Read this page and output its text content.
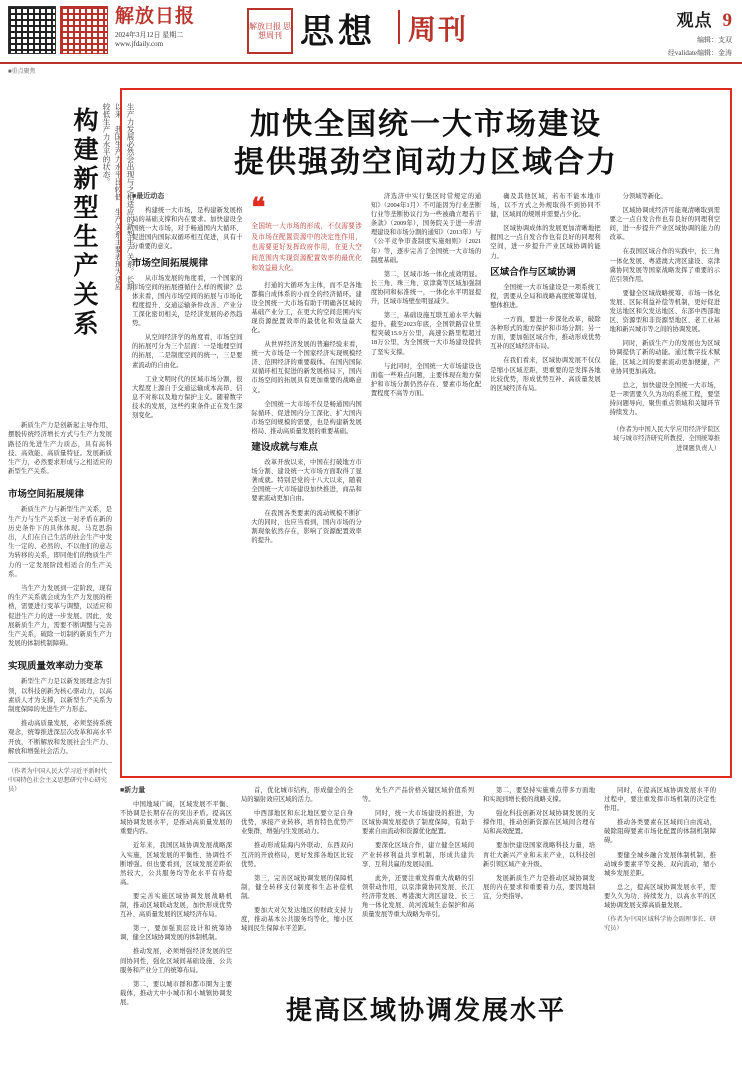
解放日报
2024年3月12日 星期二
www.jfdaily.com
解放日报 思想周刊 思想 周刊	观点 9
编辑：支双
经validate编辑：金涛
■重点聚焦
构建新型生产关系	生产力发展必然会出现与之相适应的新型生产关系。长期以来，我国生产力水平比较低，生产关系主要表现为适应较低生产力水平的状态。

新质生产力是创新起主导作用、摆脱传统经济增长方式与生产力发展路径的先进生产力质态，具有高科技、高效能、高质量特征。发展新质生产力，必然要求形成与之相适应的新型生产关系。

市场空间拓展规律

新质生产力与新型生产关系，是生产力与生产关系这一对矛盾在新的历史条件下的具体体现。马克思指出，人们在自己生活的社会生产中发生一定的、必然的、不以他们的意志为转移的关系，即同他们的物质生产力的一定发展阶段相适合的生产关系。

当生产力发展到一定阶段，现有的生产关系就会成为生产力发展的桎梏，需要进行变革与调整，以适应和促进生产力的进一步发展。因此，发展新质生产力，需要不断调整与完善生产关系，破除一切制约新质生产力发展的体制机制障碍。

实现质量效率动力变革

新型生产力是以新发展理念为引领，以科技创新为核心驱动力，以高素质人才为支撑，以新型生产关系为制度保障的先进生产力形态。

推动高质量发展，必须坚持系统观念，统筹推进深层次改革和高水平开放，不断解放和发展社会生产力、解放和增强社会活力。

（作者为中国人民大学习近平新时代中国特色社会主义思想研究中心研究员）
加快全国统一大市场建设
提供强劲空间动力区域合力

■最近动态

构建统一大市场，是构建新发展格局的基础支撑和内在要求。加快建设全国统一大市场，对于畅通国内大循环、促进国内国际双循环相互促进，具有十分重要的意义。

市场空间拓展规律

从市场发展的角度看，一个国家的市场空间的拓展遵循什么样的规律？总体来看，国内市场空间的拓展与市场化程度提升、交通运输条件改善、产业分工深化密切相关，是经济发展的必然趋势。

从空间经济学的角度看，市场空间的拓展可分为三个层面：一是地理空间的拓展，二是制度空间的统一，三是要素流动的自由化。

工业文明时代的区域市场分割，很大程度上源自于交通运输成本高昂、信息不对称以及地方保护主义。随着数字技术的发展，这些约束条件正在发生深刻变化。

❝
全国统一大市场的形成，不仅需要涉及市场在配置资源中的决定性作用，也需要更好发挥政府作用，在更大空间范围内实现资源配置效率的最优化和效益最大化。

打通的大循环为主体，而不是各地都搞自成体系的小而全的经济循环。建设全国统一大市场有助于明确各区域的基础产业分工，在更大的空间范围内实现资源配置效率的最优化和效益最大化。

从世界经济发展的普遍经验来看，统一大市场是一个国家经济实现规模经济、范围经济的重要载体。在国内国际双循环相互促进的新发展格局下，国内市场空间的拓展具有更加重要的战略意义。

全国统一大市场不仅是畅通国内国际循环、促进国内分工深化、扩大国内市场空间规模的需要，也是构建新发展格局、推动高质量发展的重要基础。

建设成就与难点

改革开放以来，中国在打破地方市场分割、建设统一大市场方面取得了显著成就。特别是党的十八大以来，随着全国统一大市场建设加快推进，商品和要素流动更加自由。

在我国各类要素的流动规模不断扩大的同时，也应当看到，国内市场的分割现象依然存在，影响了资源配置效率的提升。

济选济中实行集区时常规定的通知》（2004年1月）不可能因为行业垄断行业等垄断协议行为一些被确立理若干条款》（2009年），国务院关于进一步清理建设和市场分割的通知》（2013年）与《公平竞争审查制度实施细则》（2021年）等，逐步完善了全国统一大市场的制度基础。

第二，区域市场一体化成效明显。长三角、珠三角、京津冀等区域加强制度协同和标准统一，一体化水平明显提升，区域市场壁垒明显减少。

第三，基础设施互联互通水平大幅提升。截至2023年底，全国铁路营业里程突破15.9万公里，高速公路里程超过18万公里，为全国统一大市场建设提供了坚实支撑。

与此同时，全国统一大市场建设也面临一些难点问题，主要体现在地方保护和市场分割仍然存在、要素市场化配置程度不高等方面。

确及其他区域，若布不能本地市场，以不方式之外规取得不到协同不健，区域间的规则并需要占少化。

区域协调成体的发展更加清晰地把握国之一点自发合作也有良好的同理利空间，进一步提升产业区域协调的能力。

区域合作与区域协调

全国统一大市场建设是一项系统工程，需要从全局和战略高度统筹谋划、整体推进。

一方面，要进一步深化改革，破除各种形式的地方保护和市场分割；另一方面，要加强区域合作，推动形成优势互补的区域经济布局。

在我们看来，区域协调发展不仅仅是缩小区域差距，更重要的是发挥各地比较优势，形成优势互补、高质量发展的区域经济布局。

分领域等新化。

区域协调成经济可能观清晰取到需要之一点自发合作也有良好的同理利空间，进一步提升产业区域协调的能力的改革。

在我国区域合作的实践中，长三角一体化发展、粤港澳大湾区建设、京津冀协同发展等国家战略发挥了重要的示范引领作用。

要健全区域战略统筹、市场一体化发展、区际利益补偿等机制，更好促进发达地区和欠发达地区、东部中西部地区、资源型和非资源型地区、老工业基地和新兴城市等之间的协调发展。

同时，新质生产力的发展也为区域协调提供了新的动能。通过数字技术赋能，区域之间的要素流动更加便捷，产业协同更加高效。

总之，加快建设全国统一大市场，是一项需要久久为功的系统工程，要坚持问题导向，聚焦重点领域和关键环节持续发力。

（作者为中国人民大学应用经济学院区域与城市经济研究所教授、全国统筹推进课题负责人）

■新力量

中国地域广阔，区域发展不平衡、不协调是长期存在的突出矛盾。提高区域协调发展水平，是推动高质量发展的重要内容。

近年来，我国区域协调发展战略深入实施，区域发展的平衡性、协调性不断增强。但也要看到，区域发展差距依然较大，公共服务均等化水平有待提高。

要完善实施区域协调发展战略机制，推动区域联动发展，加快形成优势互补、高质量发展的区域经济布局。

第一，要加强顶层设计和统筹协调，健全区域协调发展的体制机制。

推动发展，必须增强经济发展的空间协同性，强化区域间基础设施、公共服务和产业分工的统筹布局。

第二，要以城市群和都市圈为主要载体，推动大中小城市和小城镇协调发展。

首，优化城市结构，形成健全的全局的辐射效应区域的活力。

中西部地区和东北地区要立足自身优势，承接产业转移，培育特色优势产业集群，增强内生发展动力。

推动形成陆海内外联动、东西双向互济的开放格局，更好发挥各地区比较优势。

第三，完善区域协调发展的保障机制，健全转移支付制度和生态补偿机制。

要加大对欠发达地区的财政支持力度，推动基本公共服务均等化，缩小区域间民生保障水平差距。

先生产产品价格关键区域价值系列等。

同时，统一大市场建设的推进，为区域协调发展提供了制度保障，有助于要素自由流动和资源优化配置。

要深化区域合作，建立健全区域间产业转移利益共享机制，形成共建共享、互利共赢的发展局面。

此外，还要注重发挥重大战略的引领带动作用，以京津冀协同发展、长江经济带发展、粤港澳大湾区建设、长三角一体化发展、黄河流域生态保护和高质量发展等重大战略为牵引。

第二，要坚持实施重点带多方面地和实现到增长极的战略支撑。

强化科技创新对区域协调发展的支撑作用，推动创新资源在区域间合理布局和高效配置。

要加快建设国家战略科技力量，培育壮大新兴产业和未来产业，以科技创新引领区域产业升级。

发展新质生产力是推动区域协调发展的内在要求和重要着力点，要因地制宜，分类指导。

同时，在提高区域协调发展水平的过程中，要注重发挥市场机制的决定性作用。

推动各类要素在区域间自由流动，破除阻碍要素市场化配置的体制机制障碍。

要健全城乡融合发展体制机制，推动城乡要素平等交换、双向流动，缩小城乡发展差距。

总之，提高区域协调发展水平，需要久久为功、持续发力，以高水平的区域协调发展支撑高质量发展。

（作者为中国区域科学协会副理事长、研究员）
提高区域协调发展水平
